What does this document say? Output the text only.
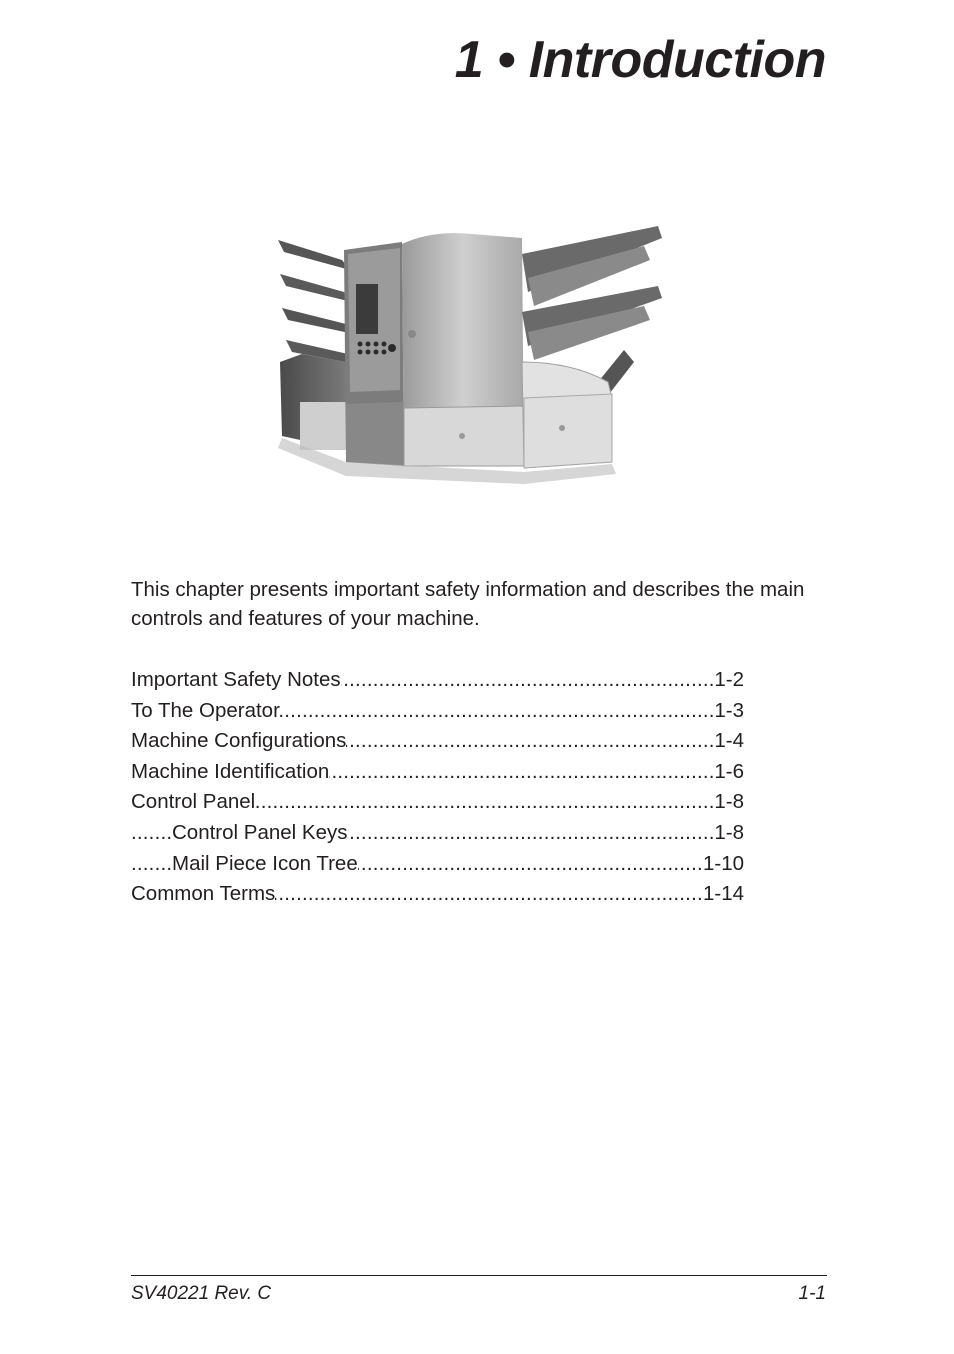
1 • Introduction

This chapter presents important safety information and describes the main controls and features of your machine.

.....
Important Safety Notes	1-2
.....
To The Operator	1-3
.....
Machine Configurations	1-4
.....
Machine Identification	1-6
.....
Control Panel	1-8
.....
Control Panel Keys	1-8
.....
Mail Piece Icon Tree	1-10
.....
Common Terms	1-14
SV40221 Rev. C	1-1
